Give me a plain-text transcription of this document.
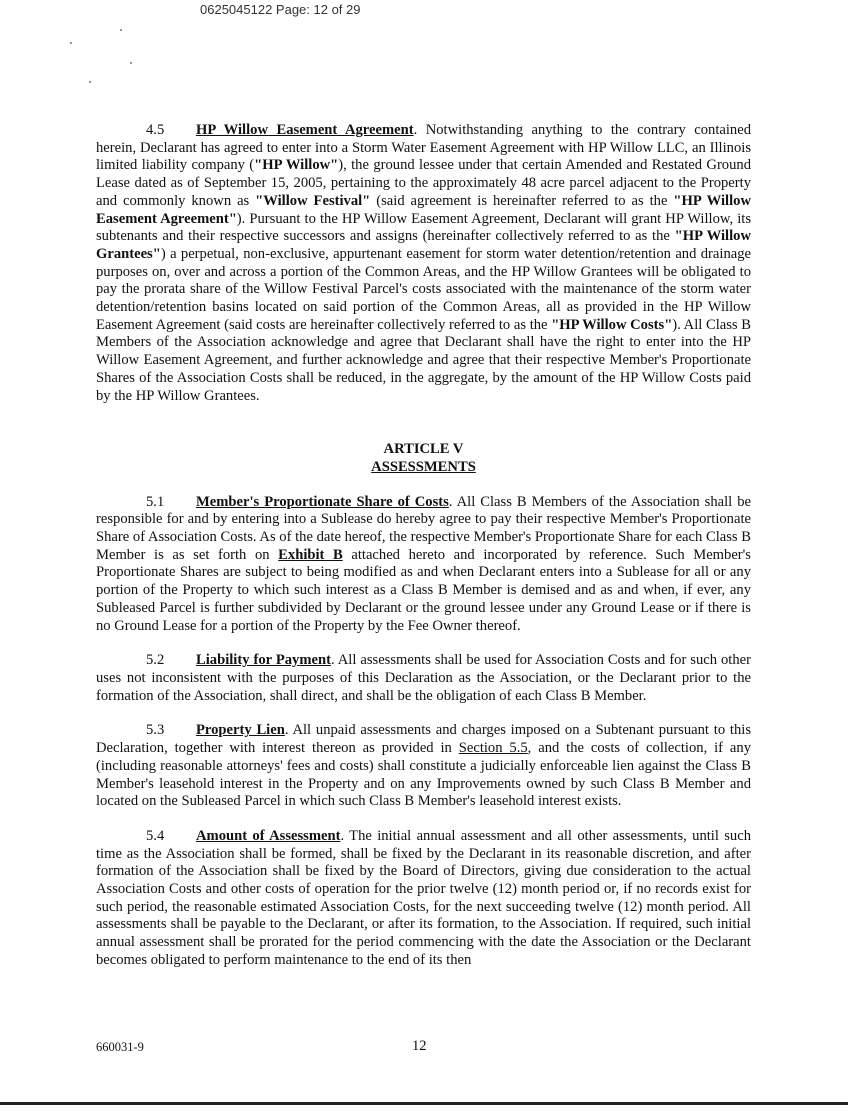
0625045122 Page: 12 of 29

4.5 HP Willow Easement Agreement. Notwithstanding anything to the contrary contained herein, Declarant has agreed to enter into a Storm Water Easement Agreement with HP Willow LLC, an Illinois limited liability company ("HP Willow"), the ground lessee under that certain Amended and Restated Ground Lease dated as of September 15, 2005, pertaining to the approximately 48 acre parcel adjacent to the Property and commonly known as "Willow Festival" (said agreement is hereinafter referred to as the "HP Willow Easement Agreement"). Pursuant to the HP Willow Easement Agreement, Declarant will grant HP Willow, its subtenants and their respective successors and assigns (hereinafter collectively referred to as the "HP Willow Grantees") a perpetual, non-exclusive, appurtenant easement for storm water detention/retention and drainage purposes on, over and across a portion of the Common Areas, and the HP Willow Grantees will be obligated to pay the prorata share of the Willow Festival Parcel's costs associated with the maintenance of the storm water detention/retention basins located on said portion of the Common Areas, all as provided in the HP Willow Easement Agreement (said costs are hereinafter collectively referred to as the "HP Willow Costs"). All Class B Members of the Association acknowledge and agree that Declarant shall have the right to enter into the HP Willow Easement Agreement, and further acknowledge and agree that their respective Member's Proportionate Shares of the Association Costs shall be reduced, in the aggregate, by the amount of the HP Willow Costs paid by the HP Willow Grantees.

ARTICLE V

ASSESSMENTS

5.1 Member's Proportionate Share of Costs. All Class B Members of the Association shall be responsible for and by entering into a Sublease do hereby agree to pay their respective Member's Proportionate Share of Association Costs. As of the date hereof, the respective Member's Proportionate Share for each Class B Member is as set forth on Exhibit B attached hereto and incorporated by reference. Such Member's Proportionate Shares are subject to being modified as and when Declarant enters into a Sublease for all or any portion of the Property to which such interest as a Class B Member is demised and as and when, if ever, any Subleased Parcel is further subdivided by Declarant or the ground lessee under any Ground Lease or if there is no Ground Lease for a portion of the Property by the Fee Owner thereof.

5.2 Liability for Payment. All assessments shall be used for Association Costs and for such other uses not inconsistent with the purposes of this Declaration as the Association, or the Declarant prior to the formation of the Association, shall direct, and shall be the obligation of each Class B Member.

5.3 Property Lien. All unpaid assessments and charges imposed on a Subtenant pursuant to this Declaration, together with interest thereon as provided in Section 5.5, and the costs of collection, if any (including reasonable attorneys' fees and costs) shall constitute a judicially enforceable lien against the Class B Member's leasehold interest in the Property and on any Improvements owned by such Class B Member and located on the Subleased Parcel in which such Class B Member's leasehold interest exists.

5.4 Amount of Assessment. The initial annual assessment and all other assessments, until such time as the Association shall be formed, shall be fixed by the Declarant in its reasonable discretion, and after formation of the Association shall be fixed by the Board of Directors, giving due consideration to the actual Association Costs and other costs of operation for the prior twelve (12) month period or, if no records exist for such period, the reasonable estimated Association Costs, for the next succeeding twelve (12) month period. All assessments shall be payable to the Declarant, or after its formation, to the Association. If required, such initial annual assessment shall be prorated for the period commencing with the date the Association or the Declarant becomes obligated to perform maintenance to the end of its then

660031-9	12
